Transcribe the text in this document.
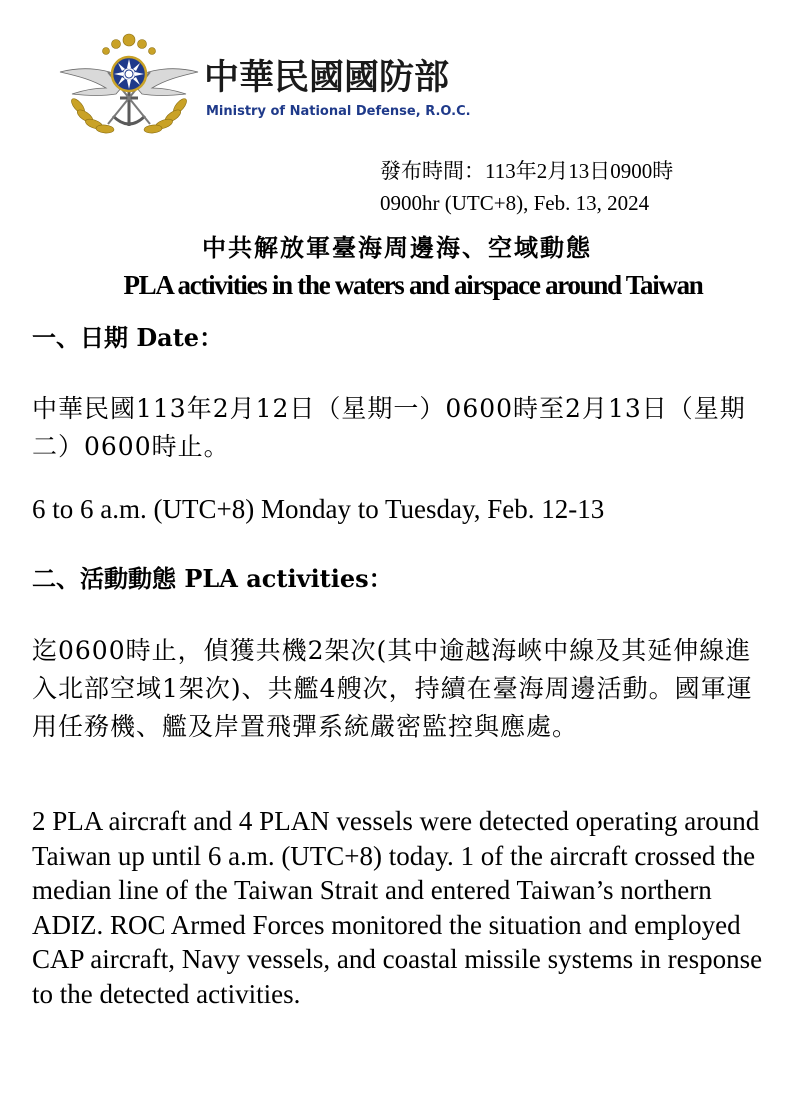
中華民國國防部
Ministry of National Defense, R.O.C.
發布時間：113年2月13日0900時
0900hr (UTC+8), Feb. 13, 2024
中共解放軍臺海周邊海、空域動態
PLA activities in the waters and airspace around Taiwan
一、日期 Date：

中華民國113年2月12日（星期一）0600時至2月13日（星期二）0600時止。

6 to 6 a.m. (UTC+8) Monday to Tuesday, Feb. 12-13

二、活動動態 PLA activities：

迄0600時止，偵獲共機2架次(其中逾越海峽中線及其延伸線進入北部空域1架次)、共艦4艘次，持續在臺海周邊活動。國軍運用任務機、艦及岸置飛彈系統嚴密監控與應處。

2 PLA aircraft and 4 PLAN vessels were detected operating around Taiwan up until 6 a.m. (UTC+8) today. 1 of the aircraft crossed the median line of the Taiwan Strait and entered Taiwan’s northern ADIZ. ROC Armed Forces monitored the situation and employed CAP aircraft, Navy vessels, and coastal missile systems in response to the detected activities.
